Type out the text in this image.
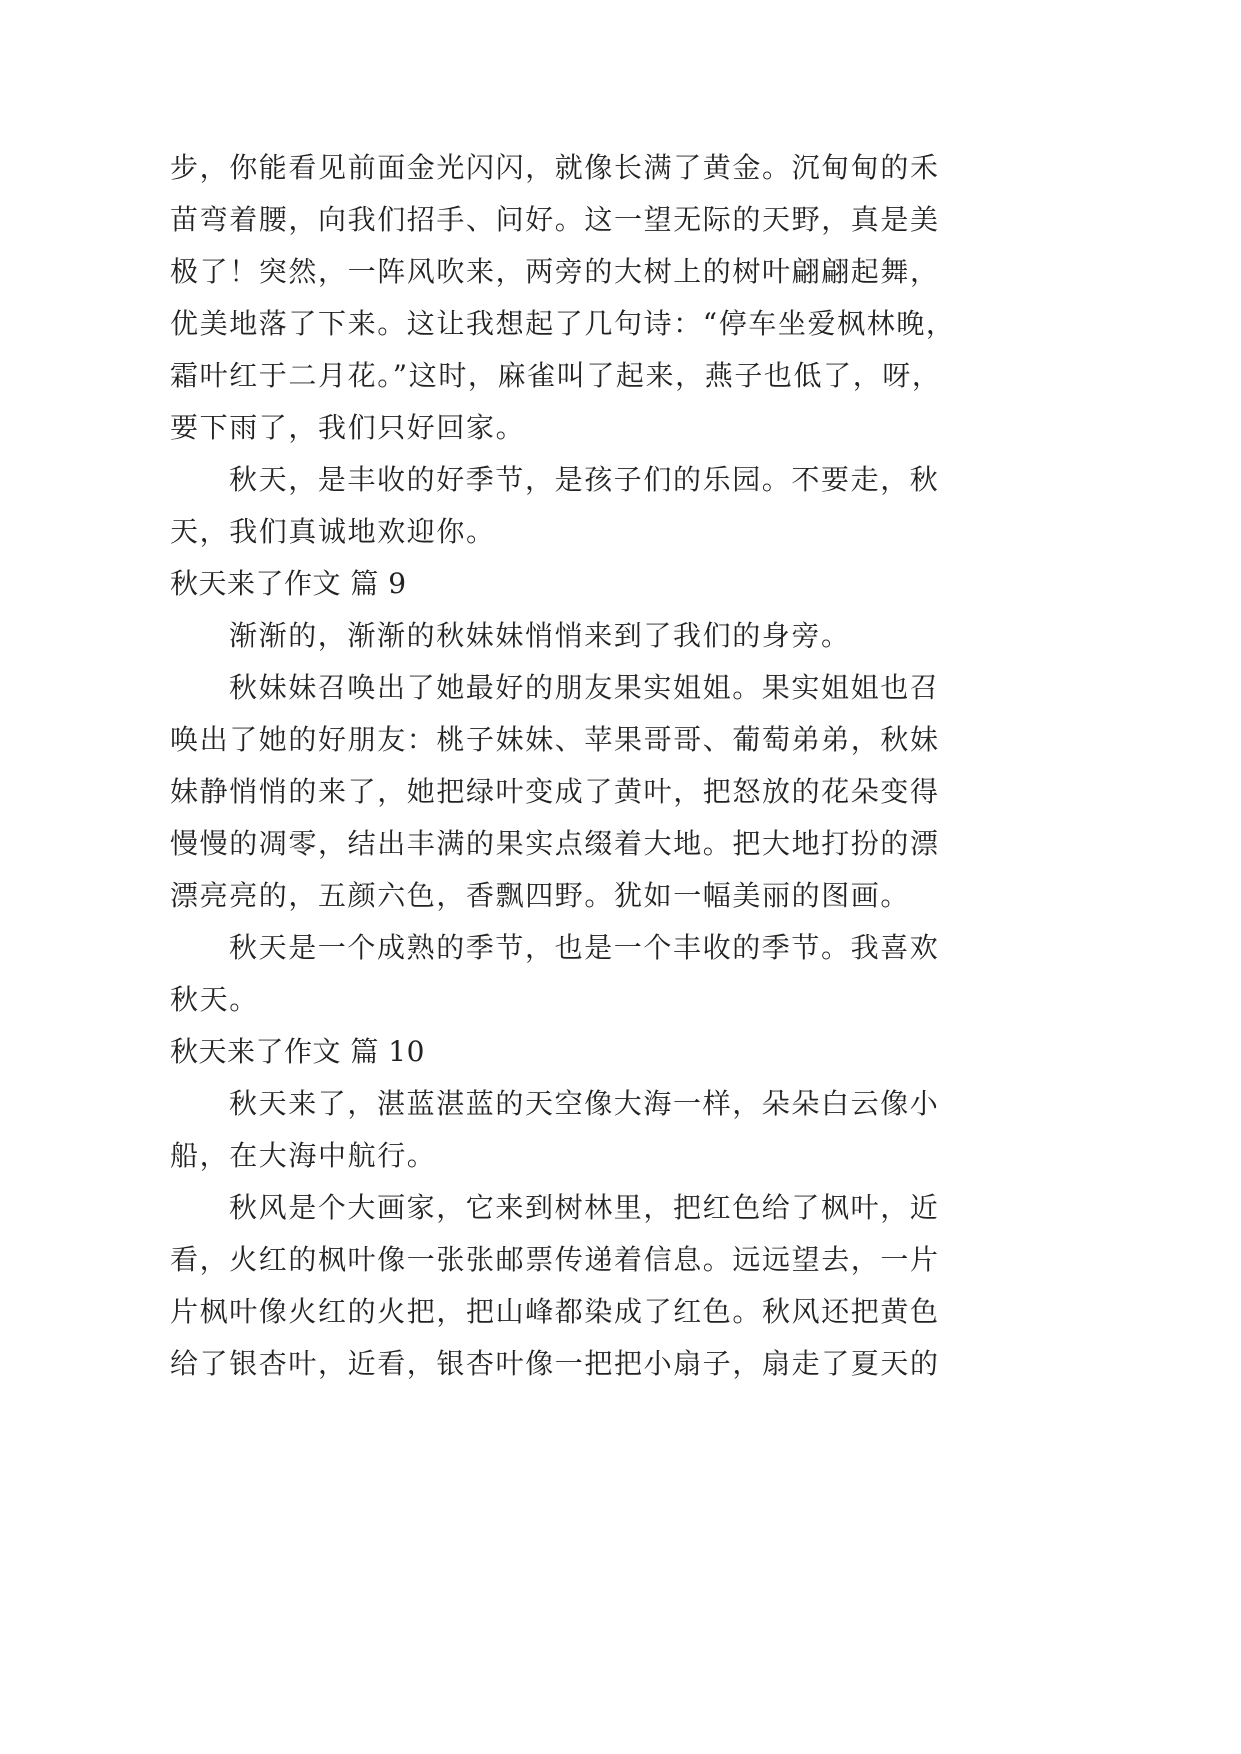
步，你能看见前面金光闪闪，就像长满了黄金。沉甸甸的禾
苗弯着腰，向我们招手、问好。这一望无际的天野，真是美
极了！突然，一阵风吹来，两旁的大树上的树叶翩翩起舞，
优美地落了下来。这让我想起了几句诗：“停车坐爱枫林晚，
霜叶红于二月花。”这时，麻雀叫了起来，燕子也低了，呀，
要下雨了，我们只好回家。
秋天，是丰收的好季节，是孩子们的乐园。不要走，秋
天，我们真诚地欢迎你。
秋天来了作文 篇 9
渐渐的，渐渐的秋妹妹悄悄来到了我们的身旁。
秋妹妹召唤出了她最好的朋友果实姐姐。果实姐姐也召
唤出了她的好朋友：桃子妹妹、苹果哥哥、葡萄弟弟，秋妹
妹静悄悄的来了，她把绿叶变成了黄叶，把怒放的花朵变得
慢慢的凋零，结出丰满的果实点缀着大地。把大地打扮的漂
漂亮亮的，五颜六色，香飘四野。犹如一幅美丽的图画。
秋天是一个成熟的季节，也是一个丰收的季节。我喜欢
秋天。
秋天来了作文 篇 10
秋天来了，湛蓝湛蓝的天空像大海一样，朵朵白云像小
船，在大海中航行。
秋风是个大画家，它来到树林里，把红色给了枫叶，近
看，火红的枫叶像一张张邮票传递着信息。远远望去，一片
片枫叶像火红的火把，把山峰都染成了红色。秋风还把黄色
给了银杏叶，近看，银杏叶像一把把小扇子，扇走了夏天的
